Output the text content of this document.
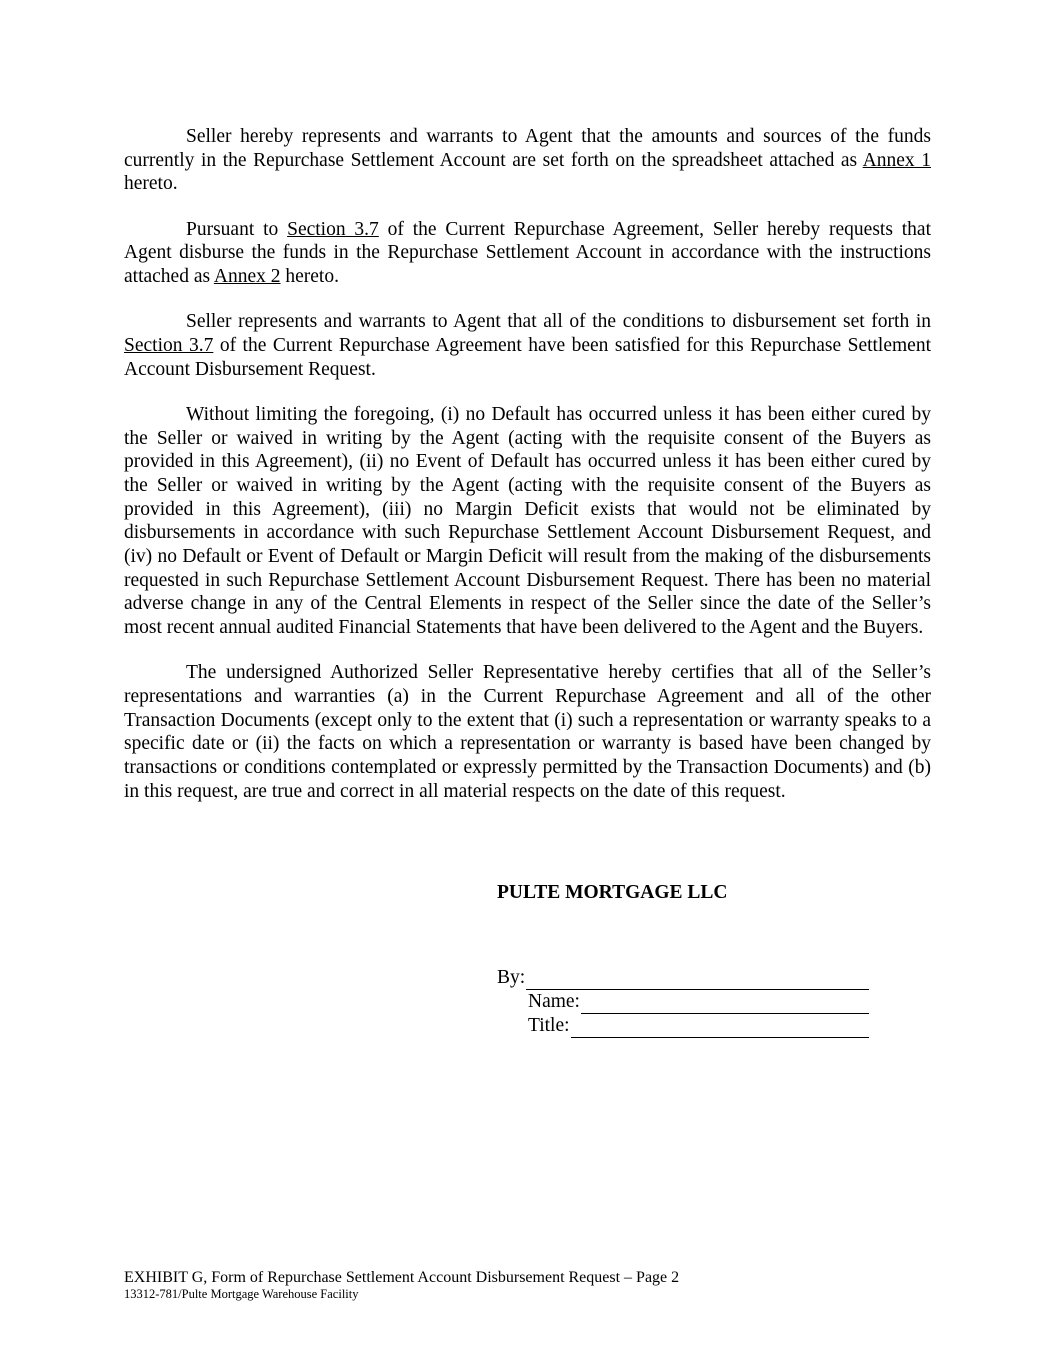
Seller hereby represents and warrants to Agent that the amounts and sources of the funds currently in the Repurchase Settlement Account are set forth on the spreadsheet attached as Annex 1 hereto.

Pursuant to Section 3.7 of the Current Repurchase Agreement, Seller hereby requests that Agent disburse the funds in the Repurchase Settlement Account in accordance with the instructions attached as Annex 2 hereto.

Seller represents and warrants to Agent that all of the conditions to disbursement set forth in Section 3.7 of the Current Repurchase Agreement have been satisfied for this Repurchase Settlement Account Disbursement Request.

Without limiting the foregoing, (i) no Default has occurred unless it has been either cured by the Seller or waived in writing by the Agent (acting with the requisite consent of the Buyers as provided in this Agreement), (ii) no Event of Default has occurred unless it has been either cured by the Seller or waived in writing by the Agent (acting with the requisite consent of the Buyers as provided in this Agreement), (iii) no Margin Deficit exists that would not be eliminated by disbursements in accordance with such Repurchase Settlement Account Disbursement Request, and (iv) no Default or Event of Default or Margin Deficit will result from the making of the disbursements requested in such Repurchase Settlement Account Disbursement Request. There has been no material adverse change in any of the Central Elements in respect of the Seller since the date of the Seller’s most recent annual audited Financial Statements that have been delivered to the Agent and the Buyers.

The undersigned Authorized Seller Representative hereby certifies that all of the Seller’s representations and warranties (a) in the Current Repurchase Agreement and all of the other Transaction Documents (except only to the extent that (i) such a representation or warranty speaks to a specific date or (ii) the facts on which a representation or warranty is based have been changed by transactions or conditions contemplated or expressly permitted by the Transaction Documents) and (b) in this request, are true and correct in all material respects on the date of this request.

PULTE MORTGAGE LLC

By:
Name:
Title:
EXHIBIT G, Form of Repurchase Settlement Account Disbursement Request – Page 2
13312-781/Pulte Mortgage Warehouse Facility
